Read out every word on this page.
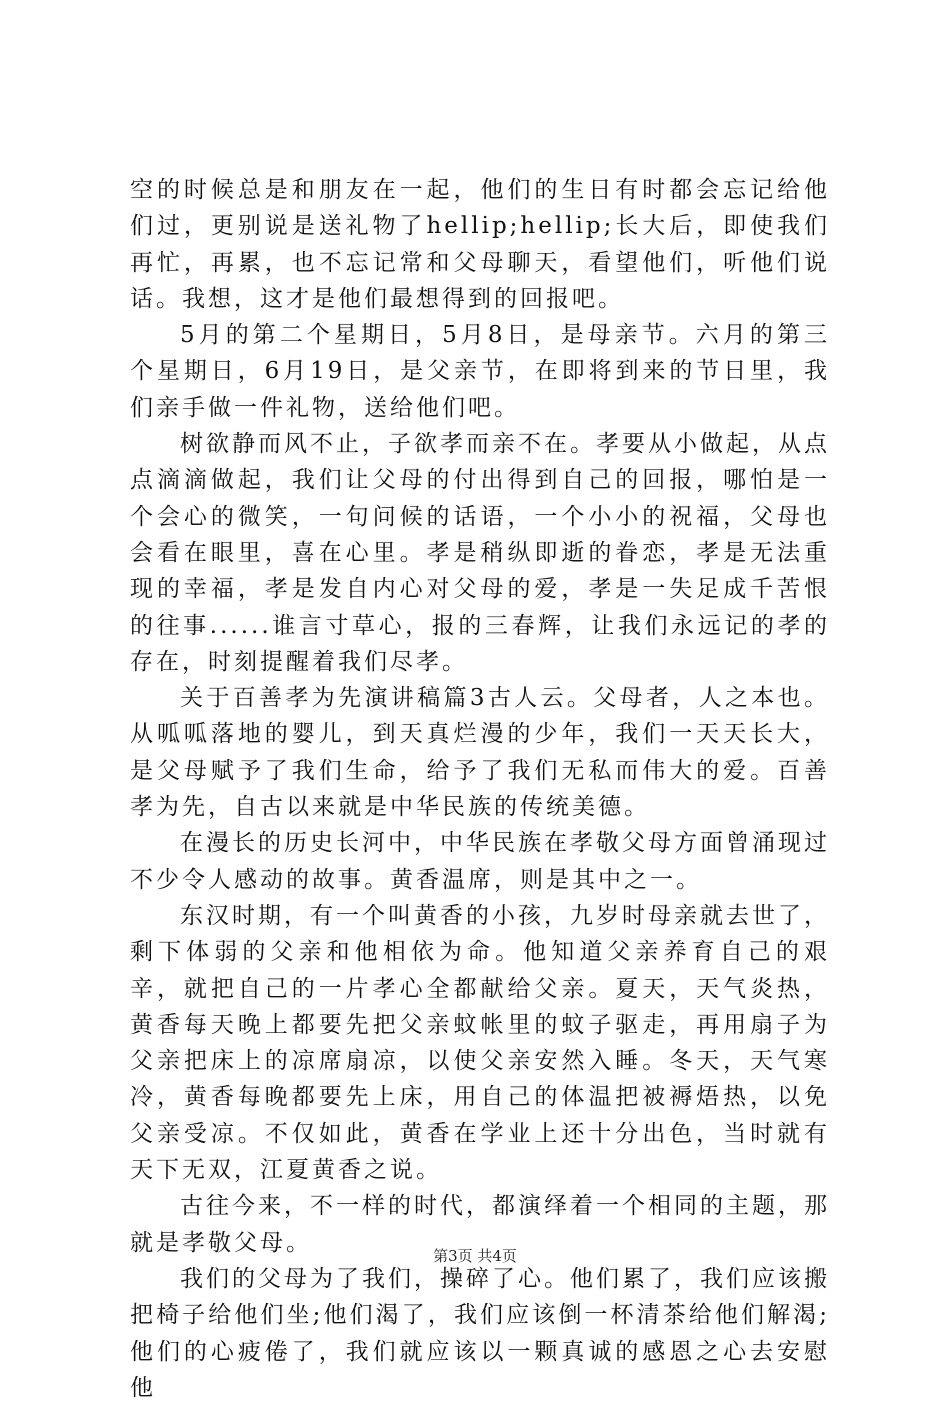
空的时候总是和朋友在一起，他们的生日有时都会忘记给他们过，更别说是送礼物了hellip;hellip;长大后，即使我们再忙，再累，也不忘记常和父母聊天，看望他们，听他们说话。我想，这才是他们最想得到的回报吧。

5月的第二个星期日，5月8日，是母亲节。六月的第三个星期日，6月19日，是父亲节，在即将到来的节日里，我们亲手做一件礼物，送给他们吧。

树欲静而风不止，子欲孝而亲不在。孝要从小做起，从点点滴滴做起，我们让父母的付出得到自己的回报，哪怕是一个会心的微笑，一句问候的话语，一个小小的祝福，父母也会看在眼里，喜在心里。孝是稍纵即逝的眷恋，孝是无法重现的幸福，孝是发自内心对父母的爱，孝是一失足成千苦恨的往事......谁言寸草心，报的三春辉，让我们永远记的孝的存在，时刻提醒着我们尽孝。

关于百善孝为先演讲稿篇3古人云。父母者，人之本也。从呱呱落地的婴儿，到天真烂漫的少年，我们一天天长大，是父母赋予了我们生命，给予了我们无私而伟大的爱。百善孝为先，自古以来就是中华民族的传统美德。

在漫长的历史长河中，中华民族在孝敬父母方面曾涌现过不少令人感动的故事。黄香温席，则是其中之一。

东汉时期，有一个叫黄香的小孩，九岁时母亲就去世了，剩下体弱的父亲和他相依为命。他知道父亲养育自己的艰辛，就把自己的一片孝心全都献给父亲。夏天，天气炎热，黄香每天晚上都要先把父亲蚊帐里的蚊子驱走，再用扇子为父亲把床上的凉席扇凉，以使父亲安然入睡。冬天，天气寒冷，黄香每晚都要先上床，用自己的体温把被褥焐热，以免父亲受凉。不仅如此，黄香在学业上还十分出色，当时就有天下无双，江夏黄香之说。

古往今来，不一样的时代，都演绎着一个相同的主题，那就是孝敬父母。

我们的父母为了我们，操碎了心。他们累了，我们应该搬把椅子给他们坐;他们渴了，我们应该倒一杯清茶给他们解渴;他们的心疲倦了，我们就应该以一颗真诚的感恩之心去安慰他

第3页 共4页
